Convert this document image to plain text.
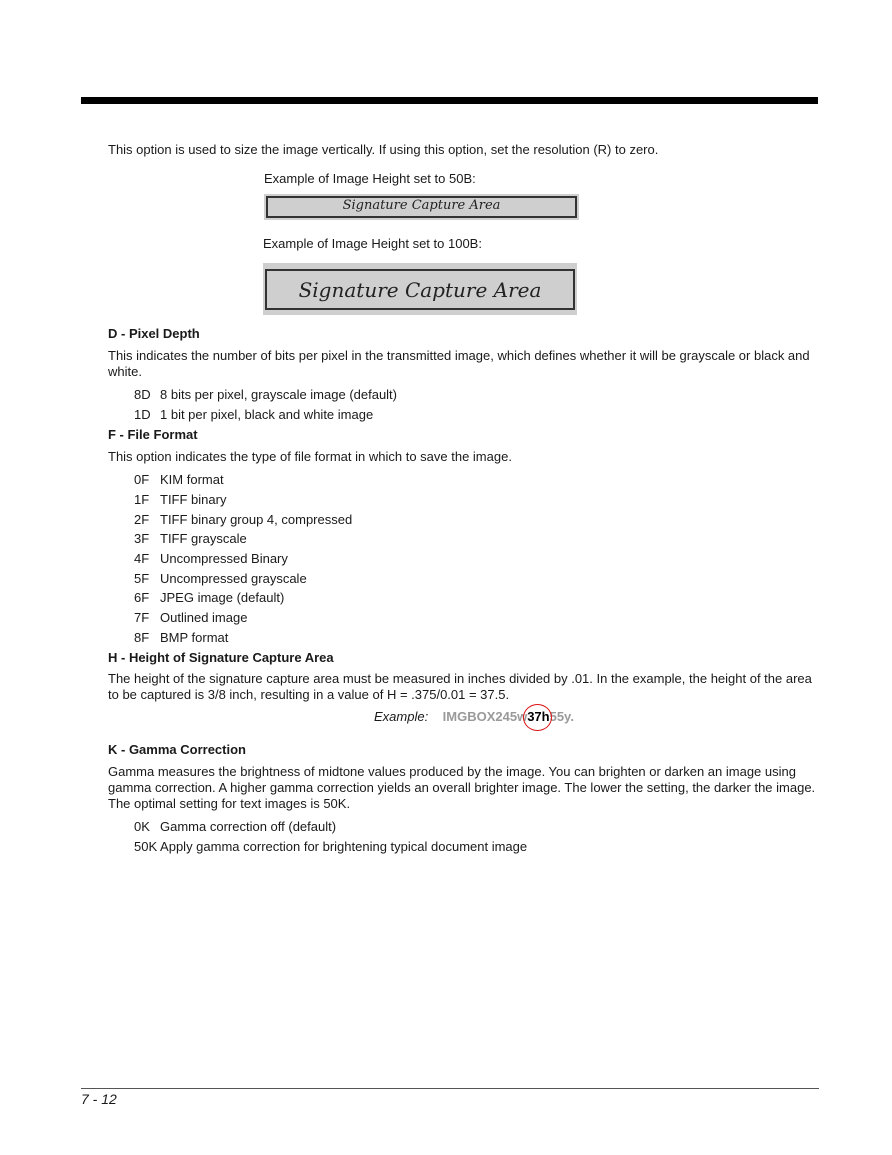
This option is used to size the image vertically. If using this option, set the resolution (R) to zero.
Example of Image Height set to 50B:
Signature Capture Area
Example of Image Height set to 100B:
Signature Capture Area
D - Pixel Depth
This indicates the number of bits per pixel in the transmitted image, which defines whether it will be grayscale or black and white.
8D 8 bits per pixel, grayscale image (default)
1D 1 bit per pixel, black and white image
F - File Format
This option indicates the type of file format in which to save the image.
0F KIM format
1F TIFF binary
2F TIFF binary group 4, compressed
3F TIFF grayscale
4F Uncompressed Binary
5F Uncompressed grayscale
6F JPEG image (default)
7F Outlined image
8F BMP format
H - Height of Signature Capture Area
The height of the signature capture area must be measured in inches divided by .01. In the example, the height of the area to be captured is 3/8 inch, resulting in a value of H = .375/0.01 = 37.5.
Example: IMGBOX245w
37h55y.
K - Gamma Correction
Gamma measures the brightness of midtone values produced by the image. You can brighten or darken an image using gamma correction. A higher gamma correction yields an overall brighter image. The lower the setting, the darker the image. The optimal setting for text images is 50K.
0K Gamma correction off (default)
50K Apply gamma correction for brightening typical document image
7 - 12
